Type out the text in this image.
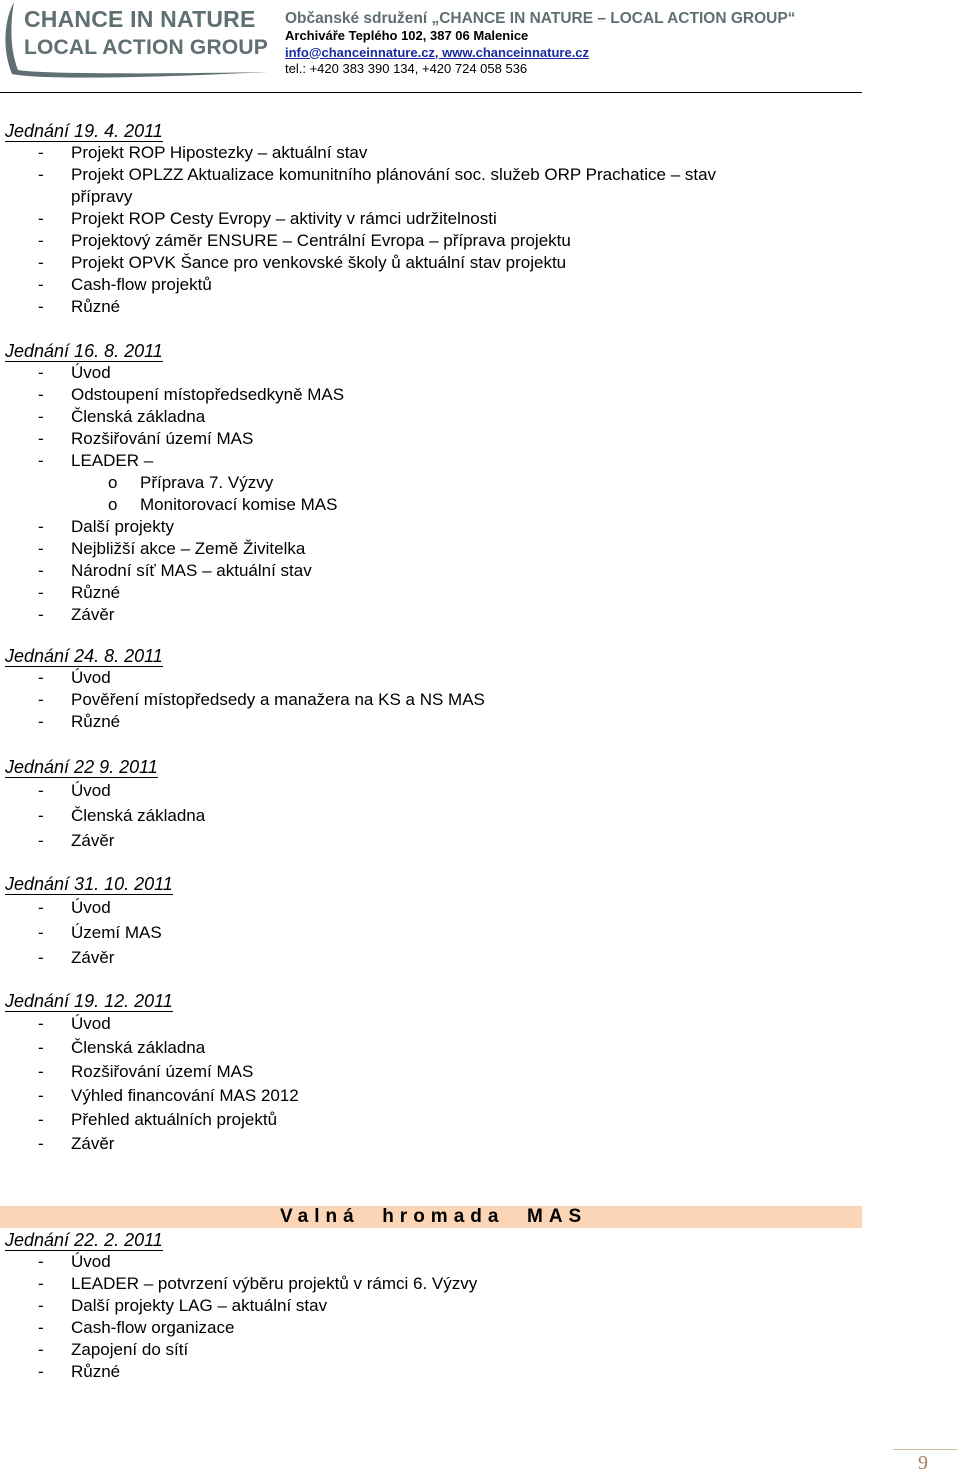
CHANCE IN NATURE
LOCAL ACTION GROUP
Občanské sdružení „CHANCE IN NATURE – LOCAL ACTION GROUP“
Archiváře Teplého 102, 387 06 Malenice
info@chanceinnature.cz, www.chanceinnature.cz
tel.: +420 383 390 134, +420 724 058 536
Jednání 19. 4. 2011
- Projekt ROP Hipostezky – aktuální stav
- Projekt OPLZZ Aktualizace komunitního plánování soc. služeb ORP Prachatice – stav
přípravy
- Projekt ROP Cesty Evropy – aktivity v rámci udržitelnosti
- Projektový záměr ENSURE – Centrální Evropa – příprava projektu
- Projekt OPVK Šance pro venkovské školy ů aktuální stav projektu
- Cash-flow projektů
- Různé
Jednání 16. 8. 2011
- Úvod
- Odstoupení místopředsedkyně MAS
- Členská základna
- Rozšiřování území MAS
- LEADER –
o Příprava 7. Výzvy
o Monitorovací komise MAS
- Další projekty
- Nejbližší akce – Země Živitelka
- Národní síť MAS – aktuální stav
- Různé
- Závěr
Jednání 24. 8. 2011
- Úvod
- Pověření místopředsedy a manažera na KS a NS MAS
- Různé
Jednání 22 9. 2011
- Úvod
- Členská základna
- Závěr
Jednání 31. 10. 2011
- Úvod
- Území MAS
- Závěr
Jednání 19. 12. 2011
- Úvod
- Členská základna
- Rozšiřování území MAS
- Výhled financování MAS 2012
- Přehled aktuálních projektů
- Závěr
Valná  hromada  MAS
Jednání 22. 2. 2011
- Úvod
- LEADER – potvrzení výběru projektů v rámci 6. Výzvy
- Další projekty LAG – aktuální stav
- Cash-flow organizace
- Zapojení do sítí
- Různé
9
